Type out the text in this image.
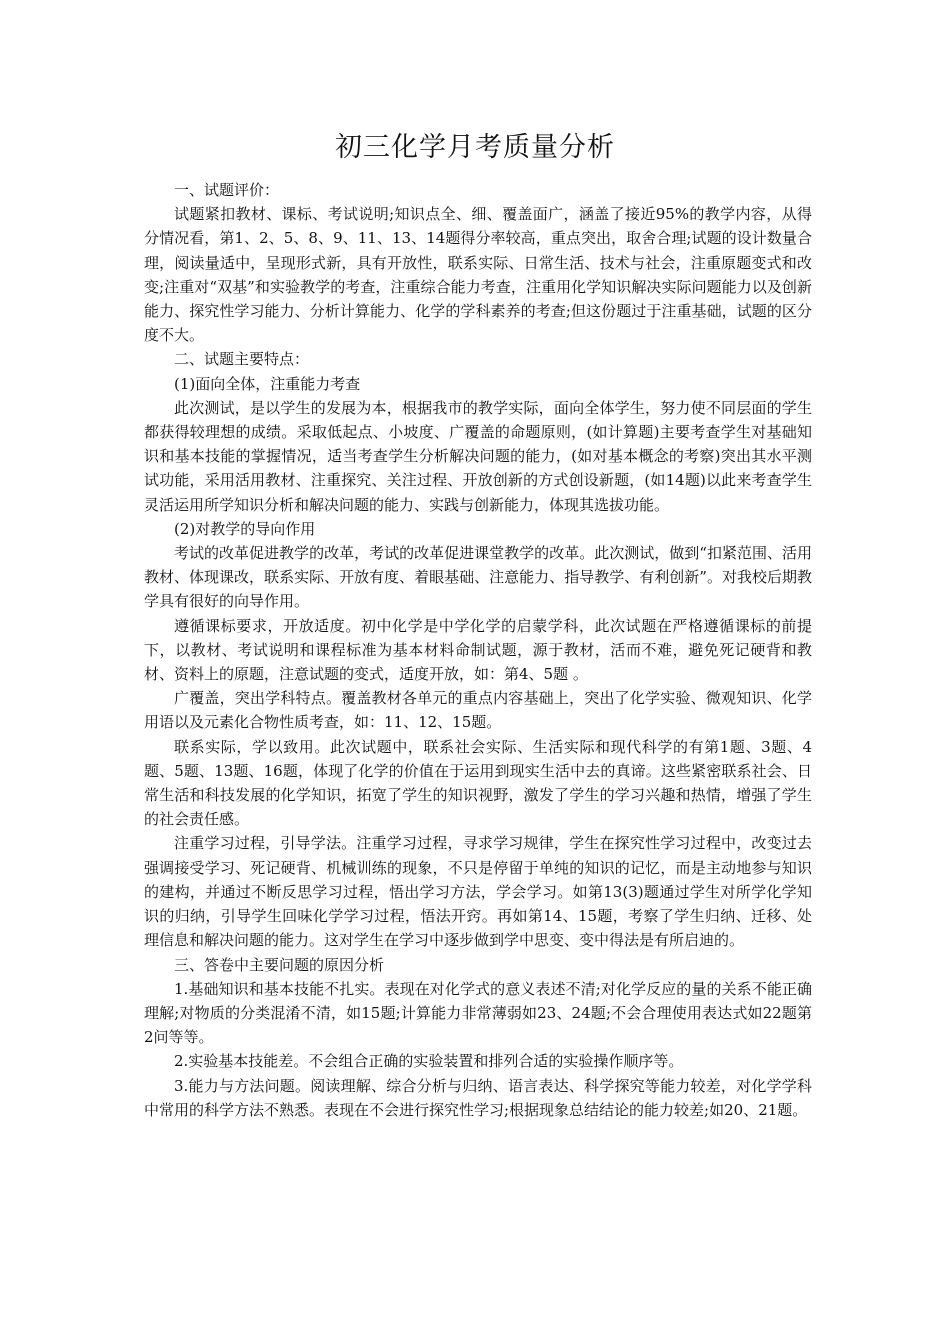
初三化学月考质量分析

一、试题评价：

试题紧扣教材、课标、考试说明;知识点全、细、覆盖面广，涵盖了接近95%的教学内容，从得分情况看，第1、2、5、8、9、11、13、14题得分率较高，重点突出，取舍合理;试题的设计数量合理，阅读量适中，呈现形式新，具有开放性，联系实际、日常生活、技术与社会，注重原题变式和改变;注重对“双基”和实验教学的考查，注重综合能力考查，注重用化学知识解决实际问题能力以及创新能力、探究性学习能力、分析计算能力、化学的学科素养的考查;但这份题过于注重基础，试题的区分度不大。

二、试题主要特点：

(1)面向全体，注重能力考查

此次测试，是以学生的发展为本，根据我市的教学实际，面向全体学生，努力使不同层面的学生都获得较理想的成绩。采取低起点、小坡度、广覆盖的命题原则，(如计算题)主要考查学生对基础知识和基本技能的掌握情况，适当考查学生分析解决问题的能力，(如对基本概念的考察)突出其水平测试功能，采用活用教材、注重探究、关注过程、开放创新的方式创设新题，(如14题)以此来考查学生灵活运用所学知识分析和解决问题的能力、实践与创新能力，体现其选拔功能。

(2)对教学的导向作用

考试的改革促进教学的改革，考试的改革促进课堂教学的改革。此次测试，做到“扣紧范围、活用教材、体现课改，联系实际、开放有度、着眼基础、注意能力、指导教学、有利创新”。对我校后期教学具有很好的向导作用。

遵循课标要求，开放适度。初中化学是中学化学的启蒙学科，此次试题在严格遵循课标的前提下，以教材、考试说明和课程标准为基本材料命制试题，源于教材，活而不难，避免死记硬背和教材、资料上的原题，注意试题的变式，适度开放，如：第4、5题 。

广覆盖，突出学科特点。覆盖教材各单元的重点内容基础上，突出了化学实验、微观知识、化学用语以及元素化合物性质考查，如：11、12、15题。

联系实际，学以致用。此次试题中，联系社会实际、生活实际和现代科学的有第1题、3题、4题、5题、13题、16题，体现了化学的价值在于运用到现实生活中去的真谛。这些紧密联系社会、日常生活和科技发展的化学知识，拓宽了学生的知识视野，激发了学生的学习兴趣和热情，增强了学生的社会责任感。

注重学习过程，引导学法。注重学习过程，寻求学习规律，学生在探究性学习过程中，改变过去强调接受学习、死记硬背、机械训练的现象，不只是停留于单纯的知识的记忆，而是主动地参与知识的建构，并通过不断反思学习过程，悟出学习方法，学会学习。如第13(3)题通过学生对所学化学知识的归纳，引导学生回味化学学习过程，悟法开窍。再如第14、15题，考察了学生归纳、迁移、处理信息和解决问题的能力。这对学生在学习中逐步做到学中思变、变中得法是有所启迪的。

三、答卷中主要问题的原因分析

1.基础知识和基本技能不扎实。表现在对化学式的意义表述不清;对化学反应的量的关系不能正确理解;对物质的分类混淆不清，如15题;计算能力非常薄弱如23、24题;不会合理使用表达式如22题第2问等等。

2.实验基本技能差。不会组合正确的实验装置和排列合适的实验操作顺序等。

3.能力与方法问题。阅读理解、综合分析与归纳、语言表达、科学探究等能力较差，对化学学科中常用的科学方法不熟悉。表现在不会进行探究性学习;根据现象总结结论的能力较差;如20、21题。
